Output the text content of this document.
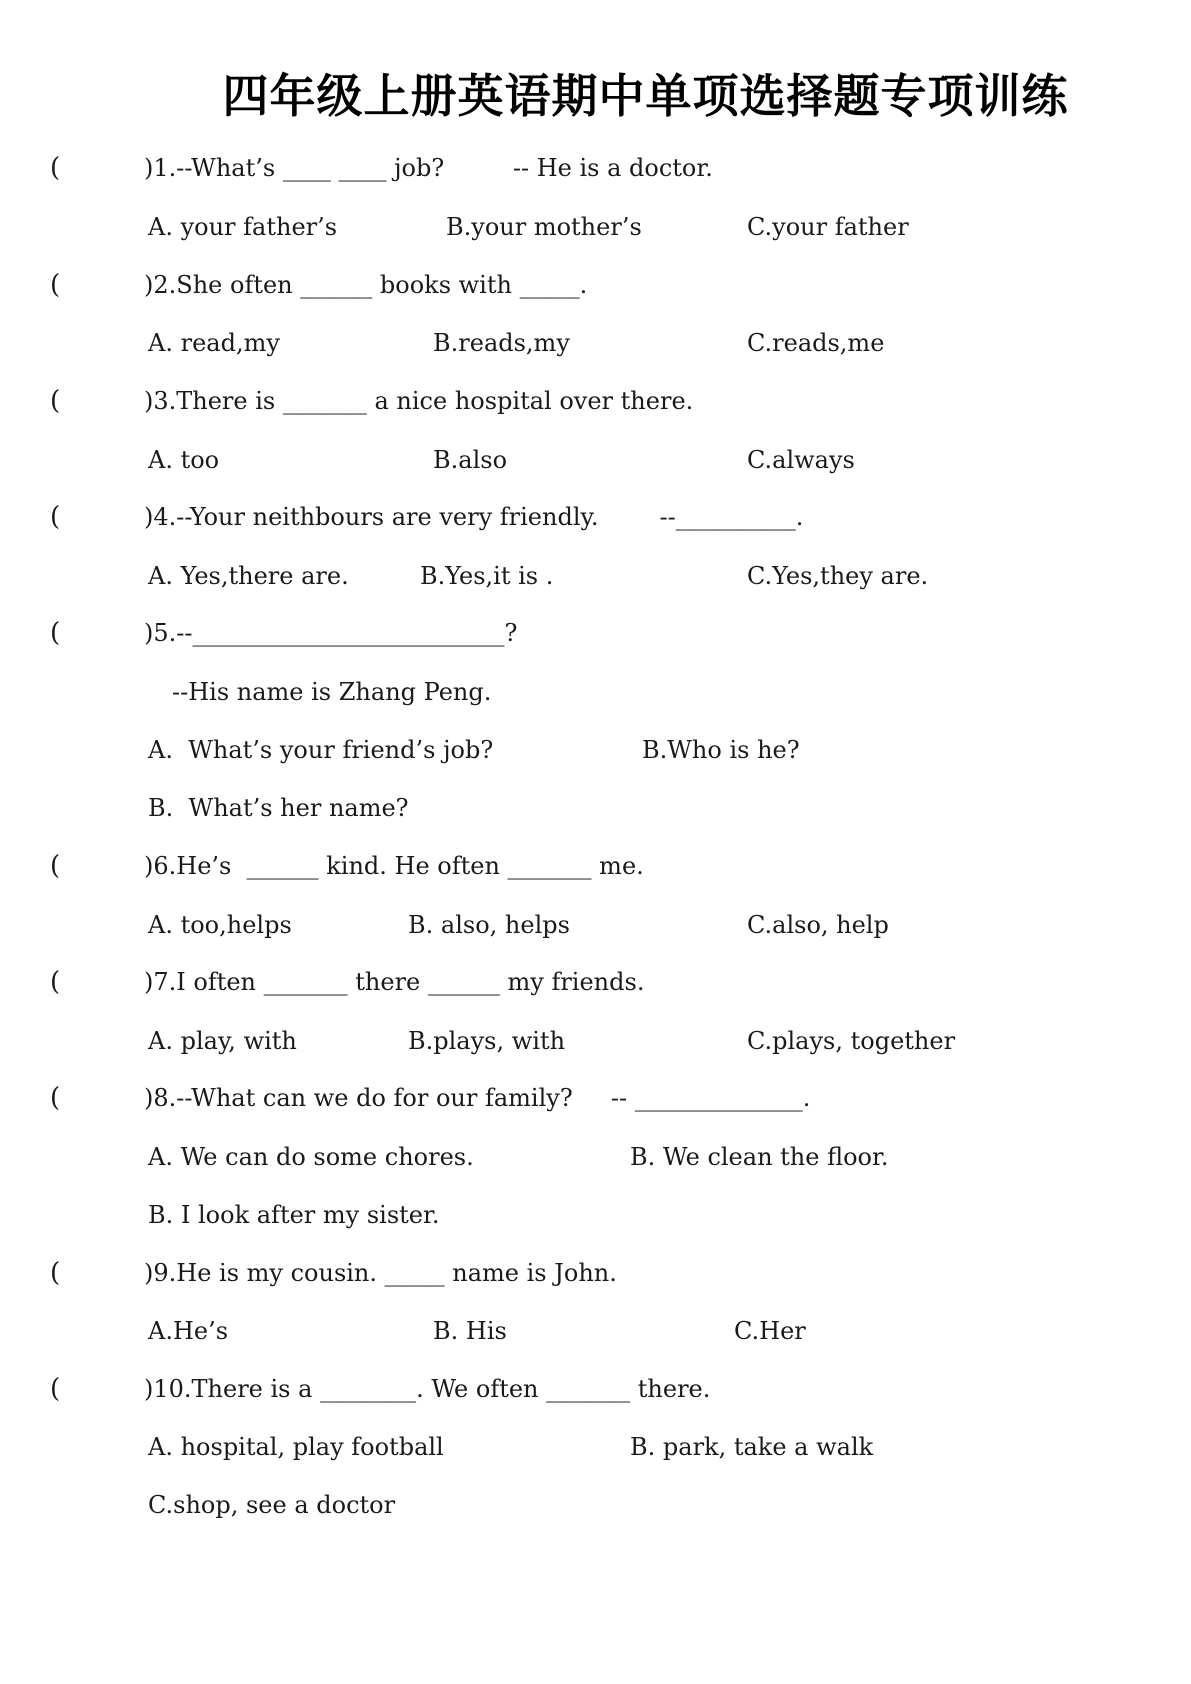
四年级上册英语期中单项选择题专项训练
(	)1.--What’s ____ ____ job?         -- He is a doctor.
A. your father’s	B.your mother’s	C.your father
(	)2.She often ______ books with _____.
A. read,my	B.reads,my	C.reads,me
(	)3.There is _______ a nice hospital over there.
A. too	B.also	C.always
(	)4.--Your neithbours are very friendly.        --__________.
A. Yes,there are.	B.Yes,it is .	C.Yes,they are.
(	)5.--__________________________?
--His name is Zhang Peng.
A.  What’s your friend’s job?	B.Who is he?
B.  What’s her name?
(	)6.He’s  ______ kind. He often _______ me.
A. too,helps	B. also, helps	C.also, help
(	)7.I often _______ there ______ my friends.
A. play, with	B.plays, with	C.plays, together
(	)8.--What can we do for our family?     -- ______________.
A. We can do some chores.	B. We clean the floor.
B. I look after my sister.
(	)9.He is my cousin. _____ name is John.
A.He’s	B. His	C.Her
(	)10.There is a ________. We often _______ there.
A. hospital, play football	B. park, take a walk
C.shop, see a doctor
